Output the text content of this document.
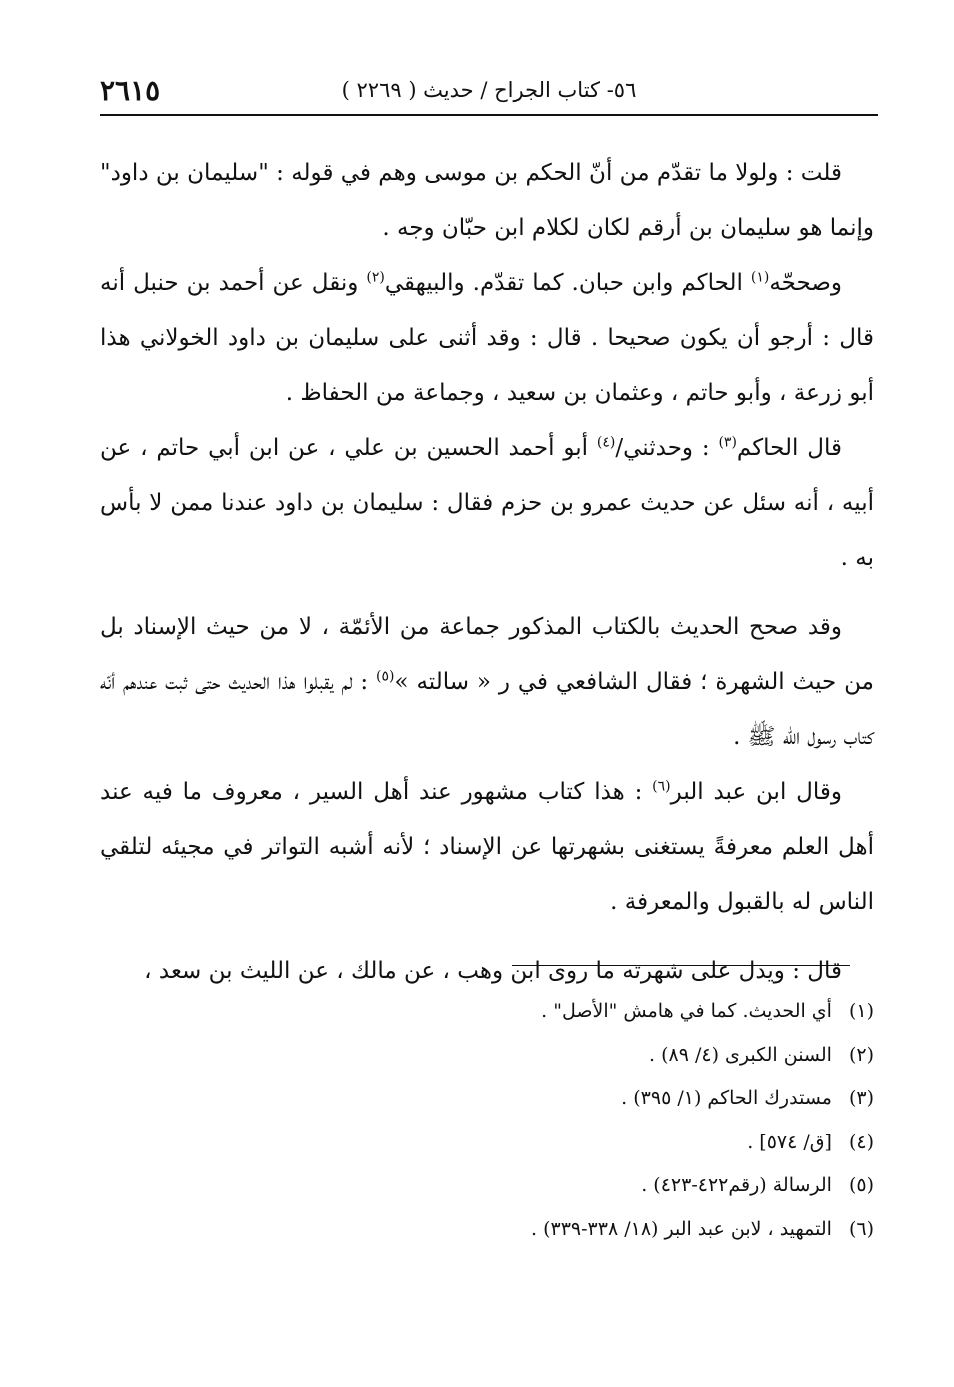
٥٦- كتاب الجراح / حديث ( ٢٢٦٩ )
٢٦١٥

قلت : ولولا ما تقدّم من أنّ الحكم بن موسى وهم في قوله : "سليمان بن داود" وإنما هو سليمان بن أرقم لكان لكلام ابن حبّان وجه .

وصححّه$^{(١)}$ الحاكم وابن حبان. كما تقدّم. والبيهقي$^{(٢)}$ ونقل عن أحمد بن حنبل أنه قال : أرجو أن يكون صحيحا . قال : وقد أثنى على سليمان بن داود الخولاني هذا أبو زرعة ، وأبو حاتم ، وعثمان بن سعيد ، وجماعة من الحفاظ .

قال الحاكم$^{(٣)}$ : وحدثني/$^{(٤)}$ أبو أحمد الحسين بن علي ، عن ابن أبي حاتم ، عن أبيه ، أنه سئل عن حديث عمرو بن حزم فقال : سليمان بن داود عندنا ممن لا بأس به .

وقد صحح الحديث بالكتاب المذكور جماعة من الأئمّة ، لا من حيث الإسناد بل من حيث الشهرة ؛ فقال الشافعي في ر « سالته »$^{(٥)}$ : لم يقبلوا هذا الحديث حتى ثبت عندهم أنّه كتاب رسول الله ﷺ .

وقال ابن عبد البر$^{(٦)}$ : هذا كتاب مشهور عند أهل السير ، معروف ما فيه عند أهل العلم معرفةً يستغنى بشهرتها عن الإسناد ؛ لأنه أشبه التواتر في مجيئه لتلقي الناس له بالقبول والمعرفة .

قال : ويدل على شهرته ما روى ابن وهب ، عن مالك ، عن الليث بن سعد ،

(١) أي الحديث. كما في هامش "الأصل" .
(٢) السنن الكبرى (٤/ ٨٩) .
(٣) مستدرك الحاكم (١/ ٣٩٥) .
(٤) [ق/ ٥٧٤] .
(٥) الرسالة (رقم٤٢٢-٤٢٣) .
(٦) التمهيد ، لابن عبد البر (١٨/ ٣٣٨-٣٣٩) .
